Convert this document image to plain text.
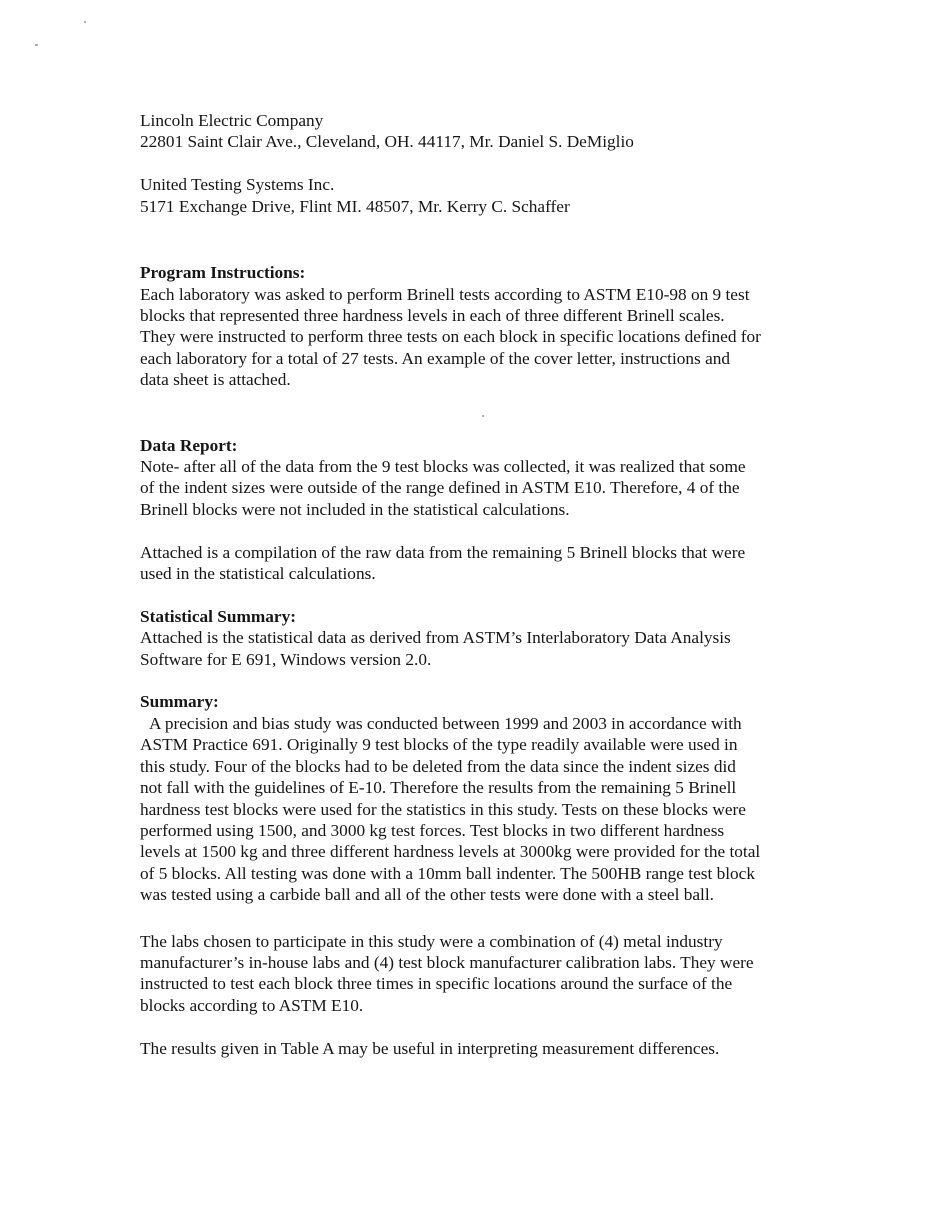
Lincoln Electric Company
22801 Saint Clair Ave., Cleveland, OH. 44117, Mr. Daniel S. DeMiglio
United Testing Systems Inc.
5171 Exchange Drive, Flint MI. 48507, Mr. Kerry C. Schaffer

Program Instructions:

Each laboratory was asked to perform Brinell tests according to ASTM E10-98 on 9 test
blocks that represented three hardness levels in each of three different Brinell scales.
They were instructed to perform three tests on each block in specific locations defined for
each laboratory for a total of 27 tests. An example of the cover letter, instructions and
data sheet is attached.

Data Report:

Note- after all of the data from the 9 test blocks was collected, it was realized that some
of the indent sizes were outside of the range defined in ASTM E10. Therefore, 4 of the
Brinell blocks were not included in the statistical calculations.

Attached is a compilation of the raw data from the remaining 5 Brinell blocks that were
used in the statistical calculations.

Statistical Summary:

Attached is the statistical data as derived from ASTM’s Interlaboratory Data Analysis
Software for E 691, Windows version 2.0.

Summary:

A precision and bias study was conducted between 1999 and 2003 in accordance with
ASTM Practice 691. Originally 9 test blocks of the type readily available were used in
this study. Four of the blocks had to be deleted from the data since the indent sizes did
not fall with the guidelines of E-10. Therefore the results from the remaining 5 Brinell
hardness test blocks were used for the statistics in this study. Tests on these blocks were
performed using 1500, and 3000 kg test forces. Test blocks in two different hardness
levels at 1500 kg and three different hardness levels at 3000kg were provided for the total
of 5 blocks. All testing was done with a 10mm ball indenter. The 500HB range test block
was tested using a carbide ball and all of the other tests were done with a steel ball.

The labs chosen to participate in this study were a combination of (4) metal industry
manufacturer’s in-house labs and (4) test block manufacturer calibration labs. They were
instructed to test each block three times in specific locations around the surface of the
blocks according to ASTM E10.

The results given in Table A may be useful in interpreting measurement differences.
